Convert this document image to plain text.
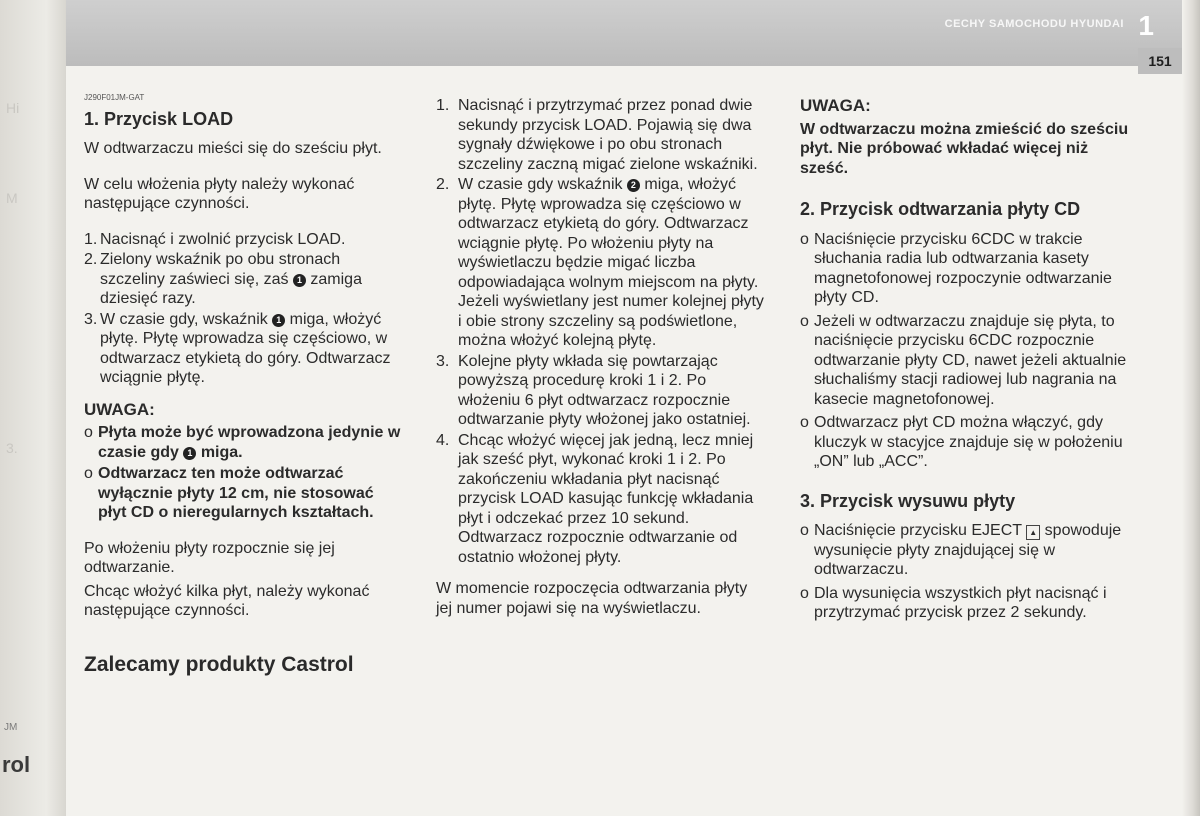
Hi
M
3.
JM
rol
CECHY SAMOCHODU HYUNDAI 1
151
J290F01JM-GAT
1. Przycisk LOAD

W odtwarzaczu mieści się do sześciu płyt.

W celu włożenia płyty należy wykonać następujące czynności.

1. Nacisnąć i zwolnić przycisk LOAD.
2. Zielony wskaźnik po obu stronach szczeliny zaświeci się, zaś 1 zamiga dziesięć razy.
3. W czasie gdy, wskaźnik 1 miga, włożyć płytę. Płytę wprowadza się częściowo, w odtwarzacz etykietą do góry. Odtwarzacz wciągnie płytę.
UWAGA:
o Płyta może być wprowadzona jedynie w czasie gdy 1 miga.
o Odtwarzacz ten może odtwarzać wyłącznie płyty 12 cm, nie stosować płyt CD o nieregularnych kształtach.

Po włożeniu płyty rozpocznie się jej odtwarzanie.

Chcąc włożyć kilka płyt, należy wykonać następujące czynności.

Zalecamy produkty Castrol
1. Nacisnąć i przytrzymać przez ponad dwie sekundy przycisk LOAD. Pojawią się dwa sygnały dźwiękowe i po obu stronach szczeliny zaczną migać zielone wskaźniki.
2. W czasie gdy wskaźnik 2 miga, włożyć płytę. Płytę wprowadza się częściowo w odtwarzacz etykietą do góry. Odtwarzacz wciągnie płytę. Po włożeniu płyty na wyświetlaczu będzie migać liczba odpowiadająca wolnym miejscom na płyty. Jeżeli wyświetlany jest numer kolejnej płyty i obie strony szczeliny są podświetlone, można włożyć kolejną płytę.
3. Kolejne płyty wkłada się powtarzając powyższą procedurę kroki 1 i 2. Po włożeniu 6 płyt odtwarzacz rozpocznie odtwarzanie płyty włożonej jako ostatniej.
4. Chcąc włożyć więcej jak jedną, lecz mniej jak sześć płyt, wykonać kroki 1 i 2. Po zakończeniu wkładania płyt nacisnąć przycisk LOAD kasując funkcję wkładania płyt i odczekać przez 10 sekund. Odtwarzacz rozpocznie odtwarzanie od ostatnio włożonej płyty.

W momencie rozpoczęcia odtwarzania płyty jej numer pojawi się na wyświetlaczu.

UWAGA:
W odtwarzaczu można zmieścić do sześciu płyt. Nie próbować wkładać więcej niż sześć.
2. Przycisk odtwarzania płyty CD
o Naciśnięcie przycisku 6CDC w trakcie słuchania radia lub odtwarzania kasety magnetofonowej rozpoczynie odtwarzanie płyty CD.
o Jeżeli w odtwarzaczu znajduje się płyta, to naciśnięcie przycisku 6CDC rozpocznie odtwarzanie płyty CD, nawet jeżeli aktualnie słuchaliśmy stacji radiowej lub nagrania na kasecie magnetofonowej.
o Odtwarzacz płyt CD można włączyć, gdy kluczyk w stacyjce znajduje się w położeniu „ON” lub „ACC”.
3. Przycisk wysuwu płyty
o Naciśnięcie przycisku EJECT ▲ spowoduje wysunięcie płyty znajdującej się w odtwarzaczu.
o Dla wysunięcia wszystkich płyt nacisnąć i przytrzymać przycisk przez 2 sekundy.
